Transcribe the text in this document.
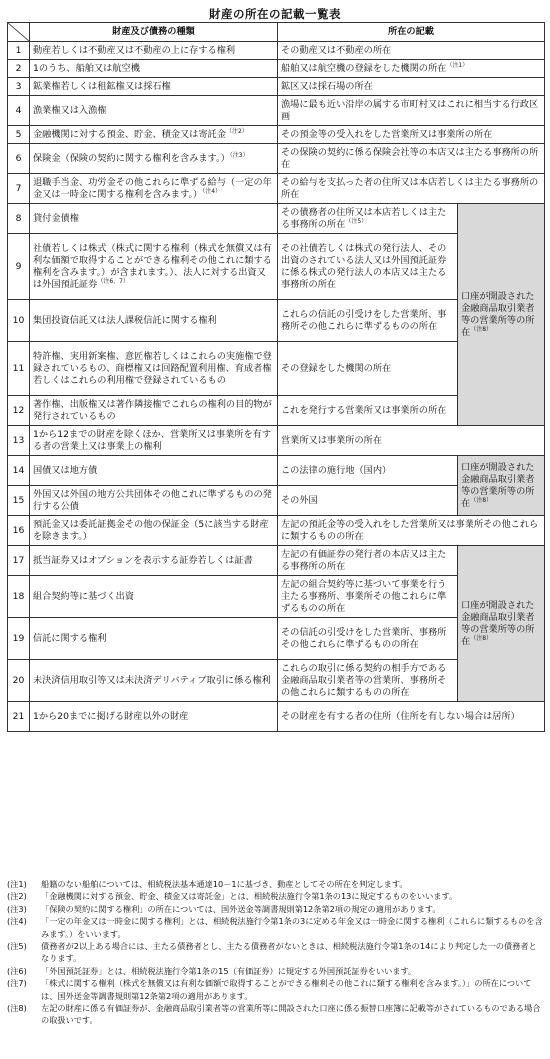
財産の所在の記載一覧表
	財産及び債務の種類	所在の記載	
1	動産若しくは不動産又は不動産の上に存する権利	その動産又は不動産の所在	
2	1のうち、船舶又は航空機	船舶又は航空機の登録をした機関の所在$^{(注1)}$
3	鉱業権若しくは租鉱権又は採石権	鉱区又は採石場の所在	
4	漁業権又は入漁権	漁場に最も近い沿岸の属する市町村又はこれに相当する行政区画	
5	金融機関に対する預金、貯金、積金又は寄託金$^{(注2)}$	その預金等の受入れをした営業所又は事業所の所在	
6	保険金（保険の契約に関する権利を含みます。）$^{(注3)}$	その保険の契約に係る保険会社等の本店又は主たる事務所の所在	
7	退職手当金、功労金その他これらに準ずる給与（一定の年金又は一時金に関する権利を含みます。）$^{(注4)}$	その給与を支払った者の住所又は本店若しくは主たる事務所の所在	
8	貸付金債権	その債務者の住所又は本店若しくは主たる事務所の所在$^{(注5)}$	口座が開設された金融商品取引業者等の営業所等の所在$^{(注8)}$
9	社債若しくは株式（株式に関する権利（株式を無償又は有利な価額で取得することができる権利その他これに類する権利を含みます。）が含まれます。）、法人に対する出資又は外国預託証券$^{(注6、7)}$	その社債若しくは株式の発行法人、その出資のされている法人又は外国預託証券に係る株式の発行法人の本店又は主たる事務所の所在	
10	集団投資信託又は法人課税信託に関する権利	これらの信託の引受けをした営業所、事務所その他これらに準ずるものの所在	
11	特許権、実用新案権、意匠権若しくはこれらの実施権で登録されているもの、商標権又は回路配置利用権、育成者権若しくはこれらの利用権で登録されているもの	その登録をした機関の所在	
12	著作権、出版権又は著作隣接権でこれらの権利の目的物が発行されているもの	これを発行する営業所又は事業所の所在	
13	1から12までの財産を除くほか、営業所又は事業所を有する者の営業上又は事業上の権利	営業所又は事業所の所在	
14	国債又は地方債	この法律の施行地（国内）	口座が開設された金融商品取引業者等の営業所等の所在$^{(注8)}$
15	外国又は外国の地方公共団体その他これに準ずるものの発行する公債	その外国	
16	預託金又は委託証拠金その他の保証金（5に該当する財産を除きます。）	左記の預託金等の受入れをした営業所又は事業所その他これらに類するものの所在	
17	抵当証券又はオプションを表示する証券若しくは証書	左記の有価証券の発行者の本店又は主たる事務所の所在	口座が開設された金融商品取引業者等の営業所等の所在$^{(注8)}$
18	組合契約等に基づく出資	左記の組合契約等に基づいて事業を行う主たる事務所、事業所その他これらに準ずるものの所在	
19	信託に関する権利	その信託の引受けをした営業所、事務所その他これらに準ずるものの所在	
20	未決済信用取引等又は未決済デリバティブ取引に係る権利	これらの取引に係る契約の相手方である金融商品取引業者等の営業所、事務所その他これらに類するものの所在	
21	1から20までに掲げる財産以外の財産	その財産を有する者の住所（住所を有しない場合は居所）	
(注1)	船籍のない船舶については、相続税法基本通達10－1に基づき、動産としてその所在を判定します。
(注2)	「金融機関に対する預金、貯金、積金又は寄託金」とは、相続税法施行令第1条の13に規定するものをいいます。
(注3)	「保険の契約に関する権利」の所在については、国外送金等調書規則第12条第2項の規定の適用があります。
(注4)	「一定の年金又は一時金に関する権利」とは、相続税法施行令第1条の3に定める年金又は一時金に関する権利（これらに類するものを含みます。）をいいます。
(注5)	債務者が2以上ある場合には、主たる債務者とし、主たる債務者がないときは、相続税法施行令第1条の14により判定した一の債務者となります。
(注6)	「外国預託証券」とは、相続税法施行令第1条の15（有価証券）に規定する外国預託証券をいいます。
(注7)	「株式に関する権利（株式を無償又は有利な価額で取得することができる権利その他これに類する権利を含みます。）」の所在については、国外送金等調書規則第12条第2項の適用があります。
(注8)	左記の財産に係る有価証券が、金融商品取引業者等の営業所等に開設された口座に係る振替口座簿に記載等がされているものである場合の取扱いです。
